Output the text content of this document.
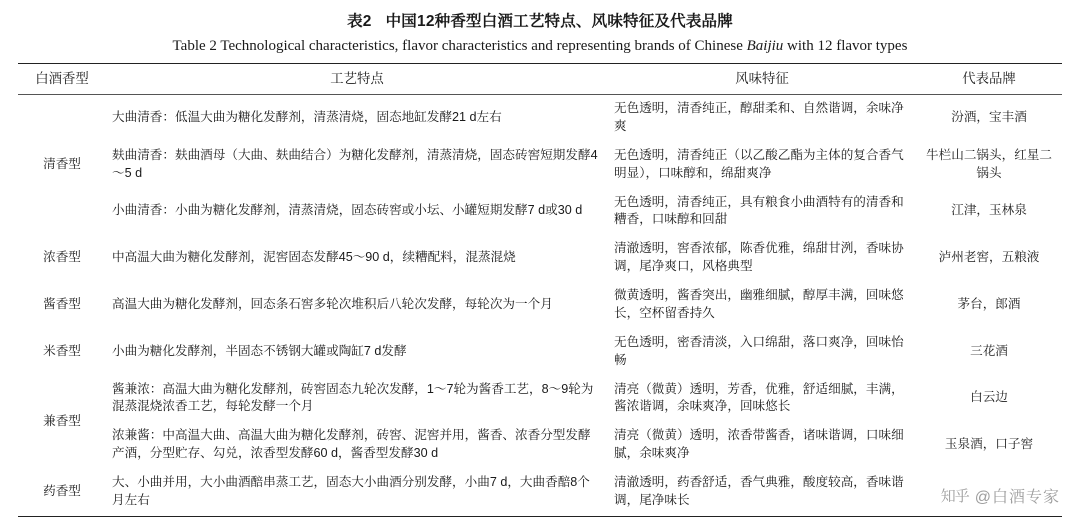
表2 中国12种香型白酒工艺特点、风味特征及代表品牌
Table 2 Technological characteristics, flavor characteristics and representing brands of Chinese Baijiu with 12 flavor types
白酒香型	工艺特点	风味特征	代表品牌
清香型	大曲清香：低温大曲为糖化发酵剂，清蒸清烧，固态地缸发酵21 d左右	无色透明，清香纯正，醇甜柔和、自然谐调，余味净爽	汾酒，宝丰酒
	麸曲清香：麸曲酒母（大曲、麸曲结合）为糖化发酵剂，清蒸清烧，固态砖窖短期发酵4～5 d	无色透明，清香纯正（以乙酸乙酯为主体的复合香气明显），口味醇和，绵甜爽净	牛栏山二锅头，红星二锅头
	小曲清香：小曲为糖化发酵剂，清蒸清烧，固态砖窖或小坛、小罐短期发酵7 d或30 d	无色透明，清香纯正，具有粮食小曲酒特有的清香和糟香，口味醇和回甜	江津，玉林泉
浓香型	中高温大曲为糖化发酵剂，泥窖固态发酵45～90 d，续糟配料，混蒸混烧	清澈透明，窖香浓郁，陈香优雅，绵甜甘洌，香味协调，尾净爽口，风格典型	泸州老窖，五粮液
酱香型	高温大曲为糖化发酵剂，回态条石窖多轮次堆积后八轮次发酵，每轮次为一个月	微黄透明，酱香突出，幽雅细腻，醇厚丰满，回味悠长，空杯留香持久	茅台，郎酒
米香型	小曲为糖化发酵剂，半固态不锈钢大罐或陶缸7 d发酵	无色透明，密香清淡，入口绵甜，落口爽净，回味怡畅	三花酒
兼香型	酱兼浓：高温大曲为糖化发酵剂，砖窖固态九轮次发酵，1～7轮为酱香工艺，8～9轮为混蒸混烧浓香工艺，每轮发酵一个月	清亮（微黄）透明，芳香，优雅，舒适细腻，丰满，酱浓谐调，余味爽净，回味悠长	白云边
	浓兼酱：中高温大曲、高温大曲为糖化发酵剂，砖窖、泥窖并用，酱香、浓香分型发酵产酒，分型贮存、勾兑，浓香型发酵60 d，酱香型发酵30 d	清亮（微黄）透明，浓香带酱香，诸味谐调，口味细腻，余味爽净	玉泉酒，口子窖
药香型	大、小曲并用，大小曲酒醅串蒸工艺，固态大小曲酒分别发酵，小曲7 d，大曲香醅8个月左右	清澈透明，药香舒适，香气典雅，酸度较高，香味谐调，尾净味长		知乎 @白酒专家
